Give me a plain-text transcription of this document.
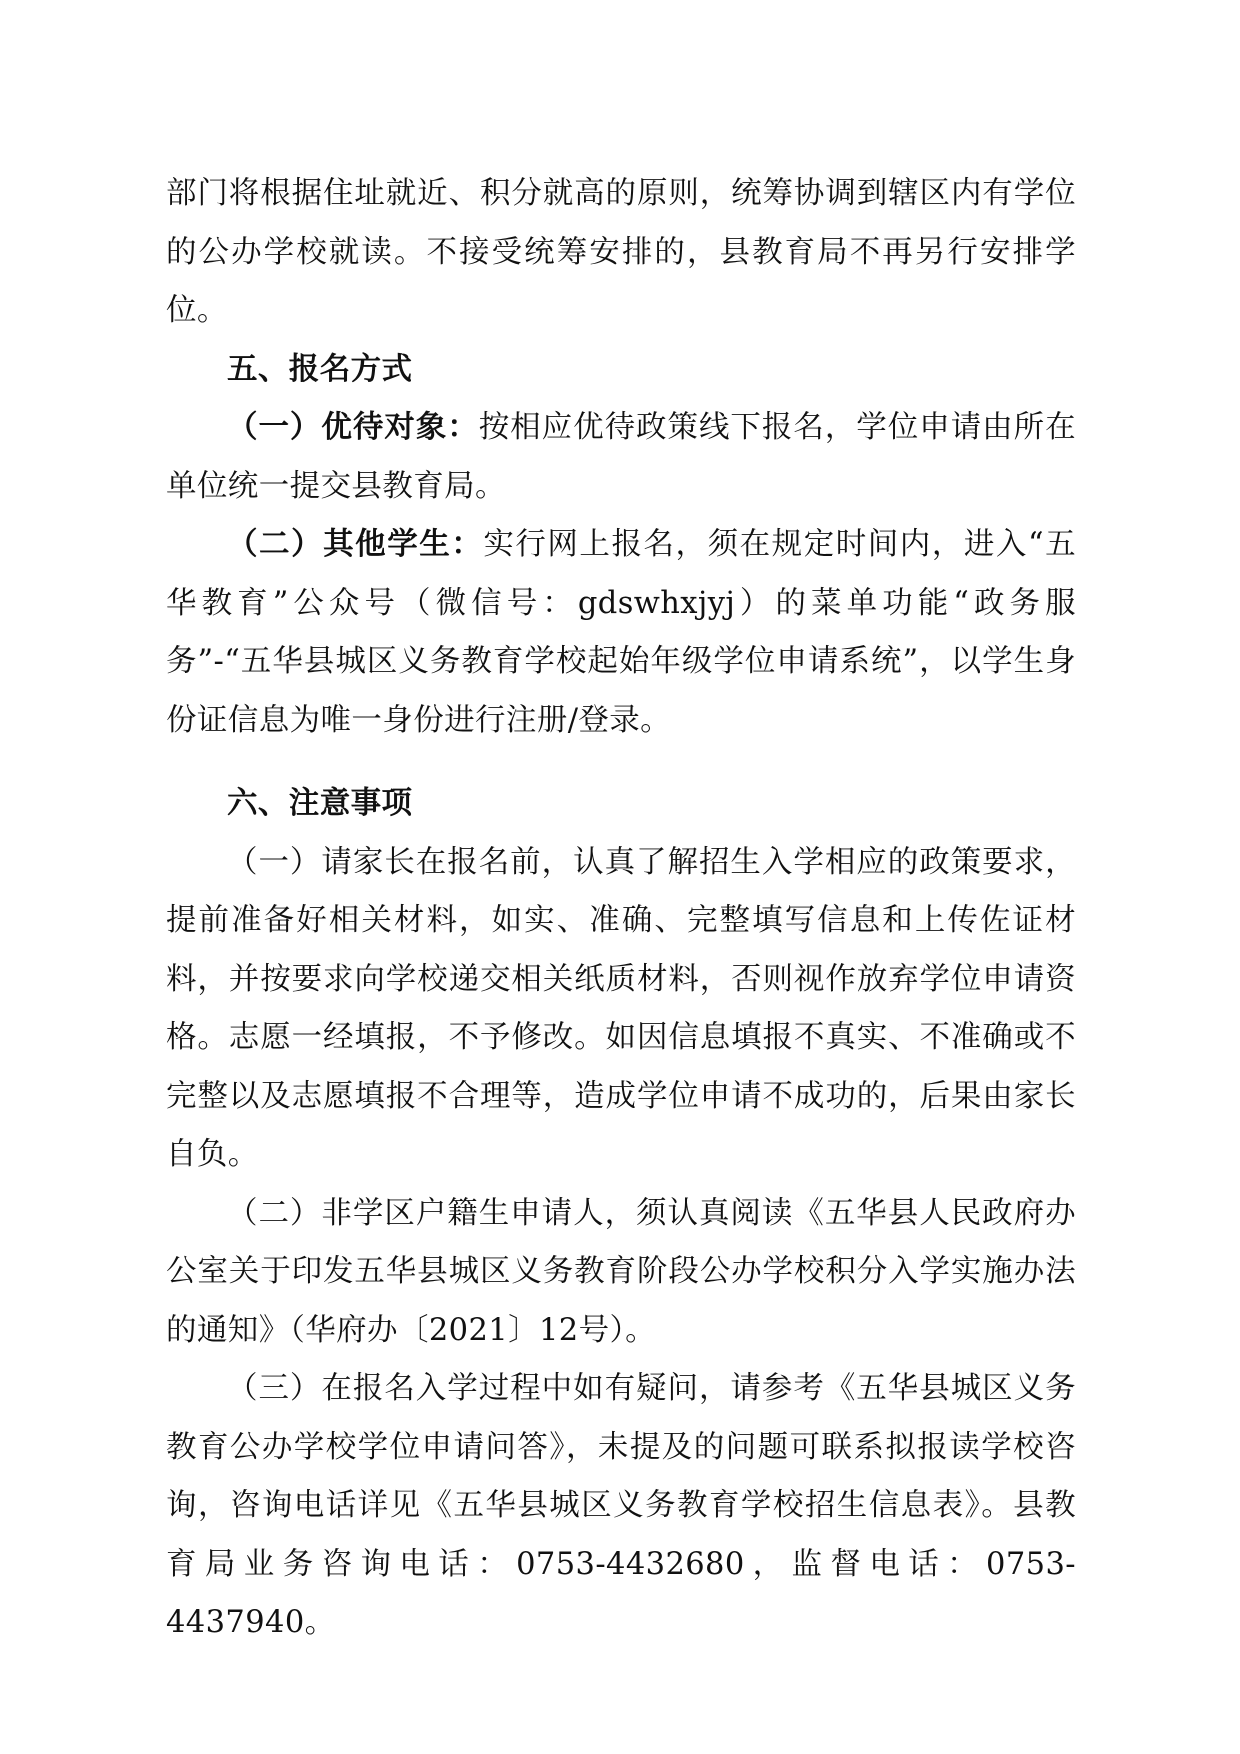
部门将根据住址就近、积分就高的原则，统筹协调到辖区内有学位的公办学校就读。不接受统筹安排的，县教育局不再另行安排学位。

五、报名方式

（一）优待对象：按相应优待政策线下报名，学位申请由所在单位统一提交县教育局。

（二）其他学生：实行网上报名，须在规定时间内，进入“五华教育”公众号（微信号：gdswhxjyj）的菜单功能“政务服务”-“五华县城区义务教育学校起始年级学位申请系统”，以学生身份证信息为唯一身份进行注册/登录。

六、注意事项

（一）请家长在报名前，认真了解招生入学相应的政策要求，提前准备好相关材料，如实、准确、完整填写信息和上传佐证材料，并按要求向学校递交相关纸质材料，否则视作放弃学位申请资格。志愿一经填报，不予修改。如因信息填报不真实、不准确或不完整以及志愿填报不合理等，造成学位申请不成功的，后果由家长自负。

（二）非学区户籍生申请人，须认真阅读《五华县人民政府办公室关于印发五华县城区义务教育阶段公办学校积分入学实施办法的通知》（华府办〔2021〕12号）。

（三）在报名入学过程中如有疑问，请参考《五华县城区义务教育公办学校学位申请问答》，未提及的问题可联系拟报读学校咨询，咨询电话详见《五华县城区义务教育学校招生信息表》。县教育局业务咨询电话：0753-4432680，监督电话：0753-4437940。
